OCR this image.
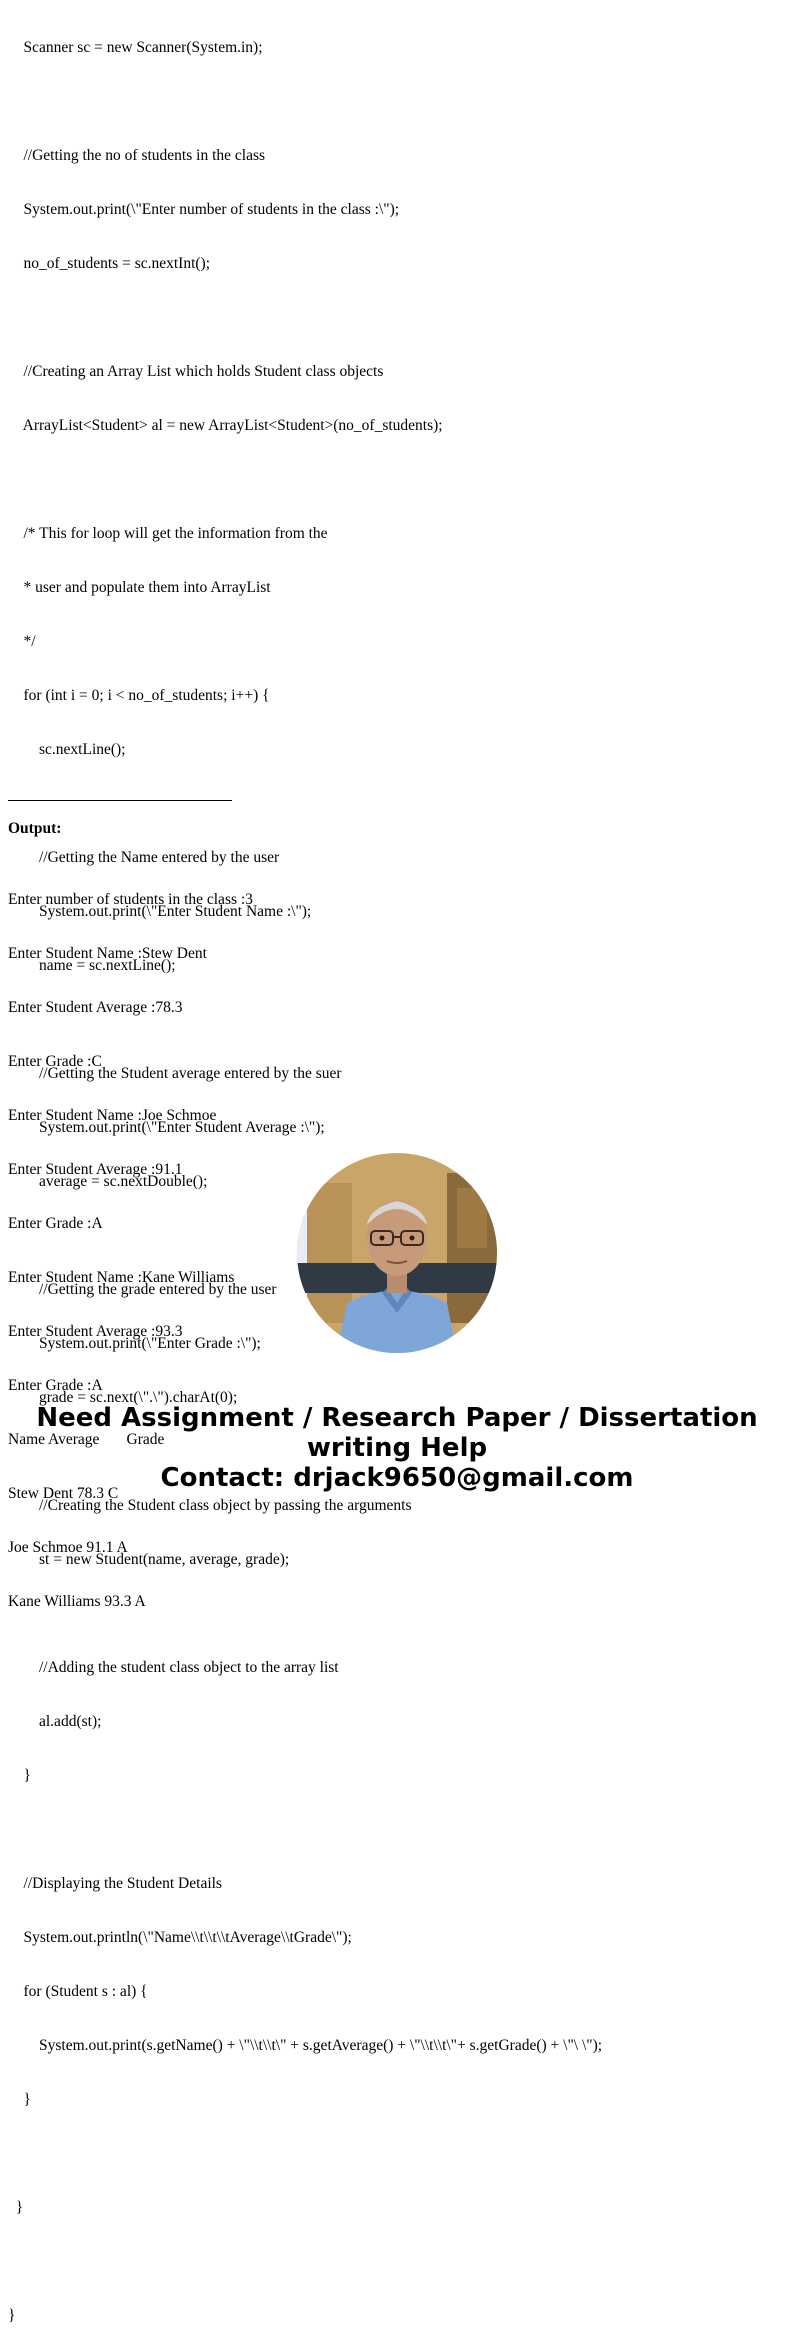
Scanner sc = new Scanner(System.in);

//Getting the no of students in the class

System.out.print(\"Enter number of students in the class :\");

no_of_students = sc.nextInt();

//Creating an Array List which holds Student class objects

ArrayList<Student> al = new ArrayList<Student>(no_of_students);

/* This for loop will get the information from the

* user and populate them into ArrayList

*/

for (int i = 0; i < no_of_students; i++) {

sc.nextLine();

//Getting the Name entered by the user

System.out.print(\"Enter Student Name :\");

name = sc.nextLine();

//Getting the Student average entered by the suer

System.out.print(\"Enter Student Average :\");

average = sc.nextDouble();

//Getting the grade entered by the user

System.out.print(\"Enter Grade :\");

grade = sc.next(\".\").charAt(0);

//Creating the Student class object by passing the arguments

st = new Student(name, average, grade);

//Adding the student class object to the array list

al.add(st);

}

//Displaying the Student Details

System.out.println(\"Name\\t\\t\\tAverage\\tGrade\");

for (Student s : al) {

System.out.print(s.getName() + \"\\t\\t\" + s.getAverage() + \"\\t\\t\"+ s.getGrade() + \"\ \");

}

}

}

Output:

Enter number of students in the class :3

Enter Student Name :Stew Dent

Enter Student Average :78.3

Enter Grade :C

Enter Student Name :Joe Schmoe

Enter Student Average :91.1

Enter Grade :A

Enter Student Name :Kane Williams

Enter Student Average :93.3

Enter Grade :A

Name Average       Grade

Stew Dent 78.3 C

Joe Schmoe 91.1 A

Kane Williams 93.3 A

Need Assignment / Research Paper / Dissertation
writing Help
Contact: drjack9650@gmail.com
